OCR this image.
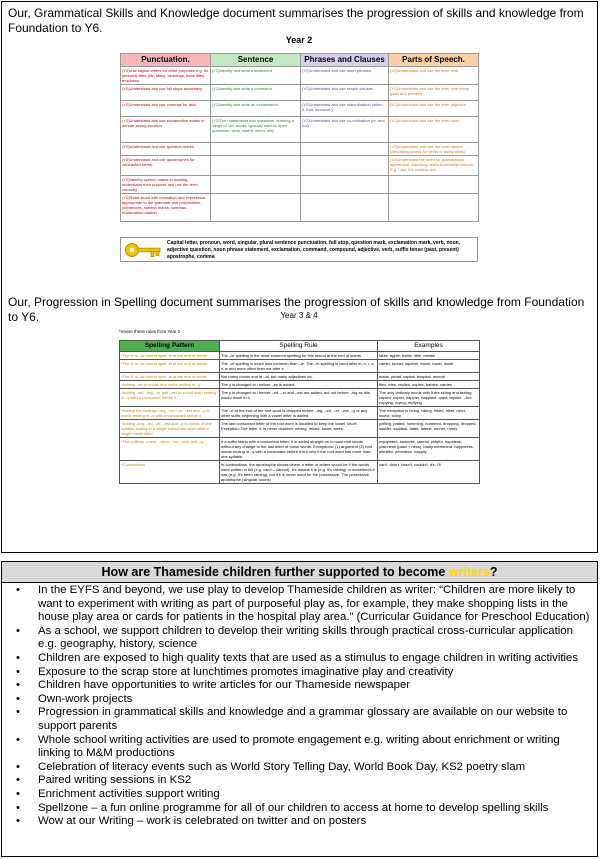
Our, Grammatical Skills and Knowledge document summarises the progression of skills and knowledge from Foundation to Y6.
Year 2
Punctuation.	Sentence	Phrases and Clauses	Parts of Speech.
(Y2)Use capital letters for other purposes e.g. for personal titles (Mr, Miss), headings, book titles, emphasis	(Y2)Identify and write a statement.	(Y2)Understand and use noun phrases.	(Y2)Understand and use the term verb
(Y2)Understand and use full stops accurately.	(Y2)Identify and write a command.	(Y2)Understand and use simple clauses.	(Y2)Understand and use the term verb tense (past and present)
(Y2)Understand and use commas for lists.	(Y2)Identify and write an exclamation.	(Y2)Understand and use subordination (when, if, that, because.)	(Y2)Understand and use the term adjective.
(Y2)Understand and use exclamation marks to denote strong emotion.	(Y2)Turn statements into questions, learning a range of 'wh' words, typically used to open questions: what, where, when, why	(Y2)Understand and use co-ordination (or, and, but)	(Y2)Understand and use the term noun.
(Y2)Understand and use question marks.			(Y2)Understand and use the term adverb (describing words for verbs or doing word).
(Y2)Understand and use apostrophes for contracted forms.			(Y2)Understand the need for grammatical agreement, matching verbs to nouns/pronouns. E.g. I am, the children are
(Y2)Identify speech marks in reading, understand their purpose and use the term correctly			
(Y2)Read aloud with intonation and expression appropriate to the grammar and punctuation, (sentences, speech marks, commas, exclamation marks)			
Capital letter, pronoun, word, singular, plural sentence punctuation, full stop, question mark, exclamation mark, verb, noun, adjective question, noun phrase statement, exclamation, command, compound, adjective, verb, suffix tense (past, present) apostrophe, comma
Our, Progression in Spelling document summarises the progression of skills and knowledge from Foundation to Y6.	Year 3 & 4
*revise these rules from Year 2
Spelling Pattern	Spelling Rule	Examples
*The /l/ or /əl/ sound spelt -le at the end of words	The –le spelling is the most common spelling for this sound at the end of words.	table, apple, bottle, little, middle
*The /l/ or /əl/ sound spelt -el at the end of words	The –el spelling is much less common than –le. The –el spelling is used after m, n, r, s, v, w and more often than not after s.	camel, tunnel, squirrel, travel, towel, tinsel
*The /l/ or /əl/ sound spelt -al at the end of words	Not many nouns end in –al, but many adjectives do.	metal, pedal, capital, hospital, animal
*Adding –es to nouns and verbs ending in –y	The y is changed to i before –es is added.	flies, tries, replies, copies, babies, carries
*Adding –ed, –ing, –er and –est to a root word ending in –y with a consonant before it	The y is changed to i before –ed, –er and –est are added, but not before –ing as this would result in ii.	The only ordinary words with ii are skiing and taxiing. copied, copier, happier, happiest, cried, replied ...but copying, crying, replying
*Adding the endings –ing, –ed, –er, –est and –y to words ending in –e with a consonant before it	The –e at the end of the root word is dropped before –ing, –ed, –er, –est, –y or any other suffix beginning with a vowel letter is added.	The exception is being. hiking, hiked, hiker, nicer, nicest, shiny
*Adding –ing, –ed, –er, –est and –y to words of one syllable ending in a single consonant letter after a single vowel letter	The last consonant letter of the root word is doubled to keep the vowel 'short'. Exception: The letter 'x' is never doubled: mixing, mixed, boxer, sixes.	patting, patted, humming, hummed, dropping, dropped, sadder, saddest, fatter, fattest, runner, runny
*The suffixes –ment, –ness, –ful, –less and –ly	If a suffix starts with a consonant letter, it is added straight on to most root words without any change to the last letter of those words. Exceptions: (1) argument (2) root words ending in –y with a consonant before it but only if the root word has more than one syllable.	enjoyment, sadness, careful, playful, hopeless, plainness (plain + ness), badly merriment, happiness, plentiful, penniless, happily
*Contractions	In contractions, the apostrophe shows where a letter or letters would be if the words were written in full (e.g. can't – cannot). It's means it is (e.g. It's raining) or sometimes it has (e.g. It's been raining), but it's is never used for the possessive. The possessive apostrophe (singular nouns)	can't, didn't, hasn't, couldn't, it's, I'll
How are Thameside children further supported to become writers?
• In the EYFS and beyond, we use play to develop Thameside children as writer: “Children are more likely to want to experiment with writing as part of purposeful play as, for example, they make shopping lists in the house play area or cards for patients in the hospital play area.” (Curricular Guidance for Preschool Education)
• As a school, we support children to develop their writing skills through practical cross-curricular application e.g. geography, history, science
• Children are exposed to high quality texts that are used as a stimulus to engage children in writing activities
• Exposure to the scrap store at lunchtimes promotes imaginative play and creativity
• Children have opportunities to write articles for our Thameside newspaper
• Own-work projects
• Progression in grammatical skills and knowledge and a grammar glossary are available on our website to support parents
• Whole school writing activities are used to promote engagement e.g. writing about enrichment or writing linking to M&M productions
• Celebration of literacy events such as World Story Telling Day, World Book Day, KS2 poetry slam
• Paired writing sessions in KS2
• Enrichment activities support writing
• Spellzone – a fun online programme for all of our children to access at home to develop spelling skills
• Wow at our Writing – work is celebrated on twitter and on posters
